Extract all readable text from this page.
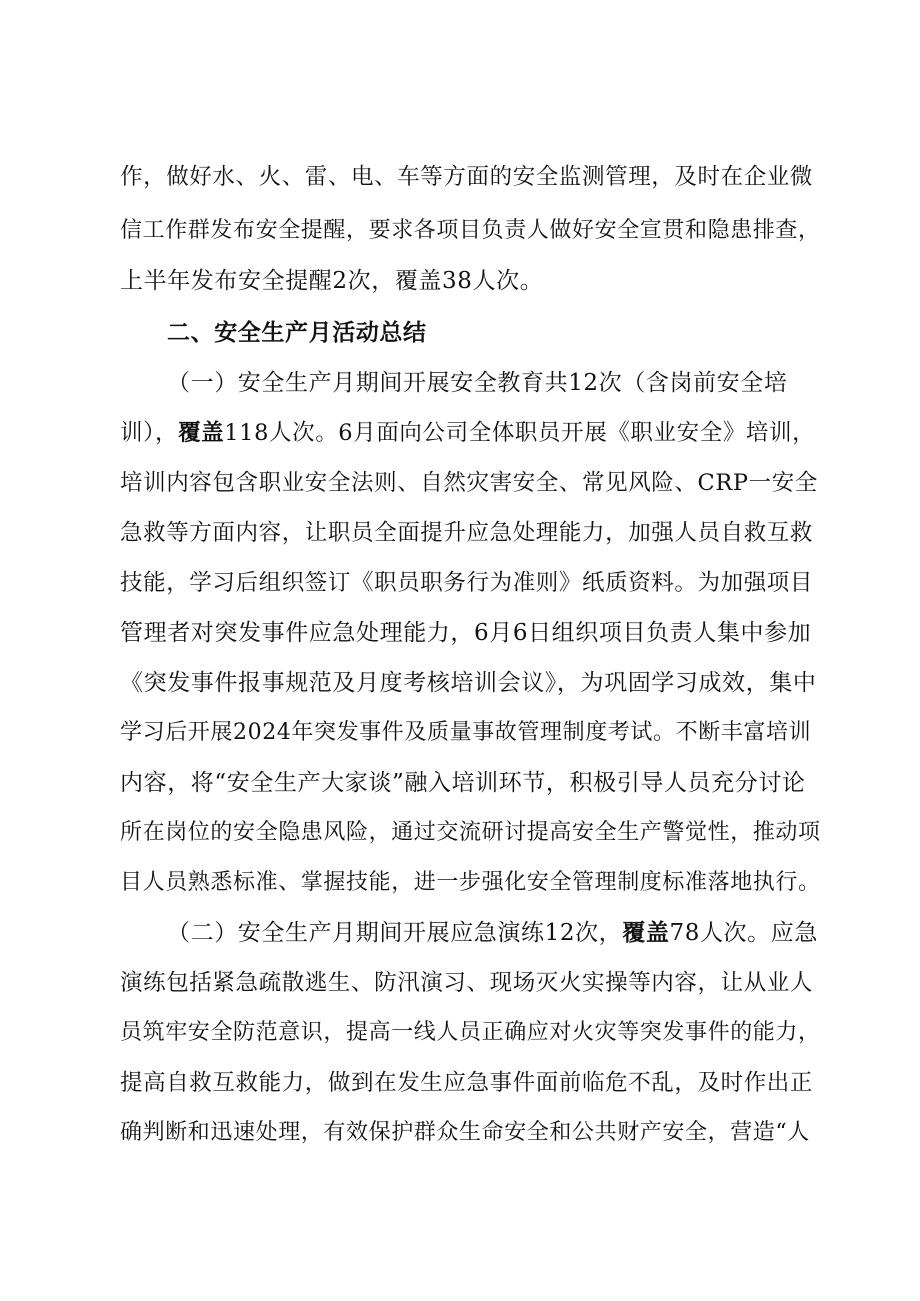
作，做好水、火、雷、电、车等方面的安全监测管理，及时在企业微
信工作群发布安全提醒，要求各项目负责人做好安全宣贯和隐患排查，
上半年发布安全提醒2次，覆盖38人次。
二、安全生产月活动总结
（一）安全生产月期间开展安全教育共12次（含岗前安全培
训），覆盖118人次。6月面向公司全体职员开展《职业安全》培训，
培训内容包含职业安全法则、自然灾害安全、常见风险、CRP一安全
急救等方面内容，让职员全面提升应急处理能力，加强人员自救互救
技能，学习后组织签订《职员职务行为准则》纸质资料。为加强项目
管理者对突发事件应急处理能力，6月6日组织项目负责人集中参加
《突发事件报事规范及月度考核培训会议》，为巩固学习成效，集中
学习后开展2024年突发事件及质量事故管理制度考试。不断丰富培训
内容，将“安全生产大家谈”融入培训环节，积极引导人员充分讨论
所在岗位的安全隐患风险，通过交流研讨提高安全生产警觉性，推动项
目人员熟悉标准、掌握技能，进一步强化安全管理制度标准落地执行。
（二）安全生产月期间开展应急演练12次，覆盖78人次。应急
演练包括紧急疏散逃生、防汛演习、现场灭火实操等内容，让从业人
员筑牢安全防范意识，提高一线人员正确应对火灾等突发事件的能力，
提高自救互救能力，做到在发生应急事件面前临危不乱，及时作出正
确判断和迅速处理，有效保护群众生命安全和公共财产安全，营造“人
